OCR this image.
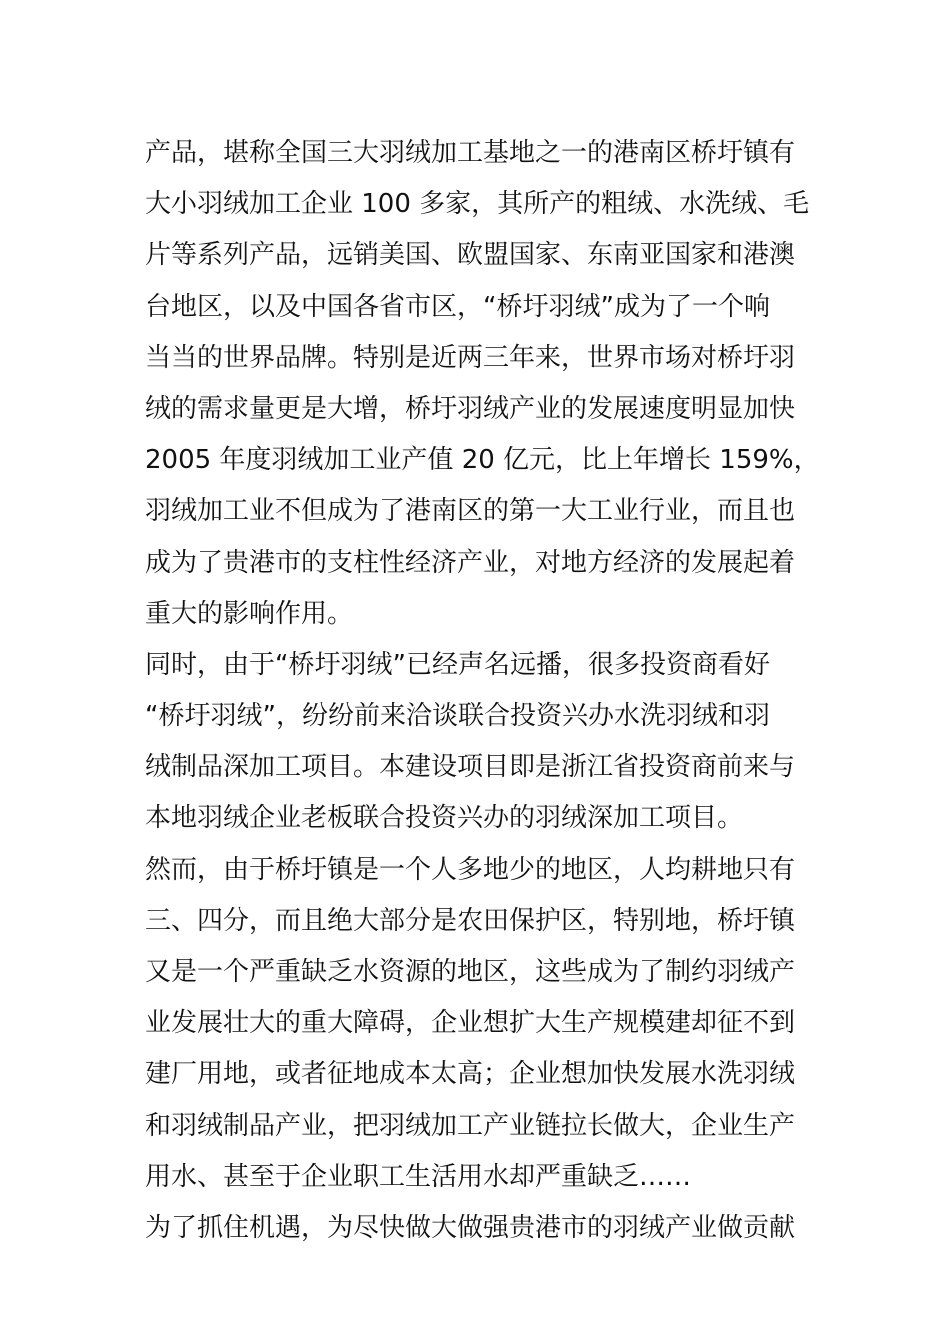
产品，堪称全国三大羽绒加工基地之一的港南区桥圩镇有
大小羽绒加工企业 100 多家，其所产的粗绒、水洗绒、毛
片等系列产品，远销美国、欧盟国家、东南亚国家和港澳
台地区，以及中国各省市区，“桥圩羽绒”成为了一个响
当当的世界品牌。特别是近两三年来，世界市场对桥圩羽
绒的需求量更是大增，桥圩羽绒产业的发展速度明显加快
2005 年度羽绒加工业产值 20 亿元，比上年增长 159%，
羽绒加工业不但成为了港南区的第一大工业行业，而且也
成为了贵港市的支柱性经济产业，对地方经济的发展起着
重大的影响作用。
同时，由于“桥圩羽绒”已经声名远播，很多投资商看好
“桥圩羽绒”，纷纷前来洽谈联合投资兴办水洗羽绒和羽
绒制品深加工项目。本建设项目即是浙江省投资商前来与
本地羽绒企业老板联合投资兴办的羽绒深加工项目。
然而，由于桥圩镇是一个人多地少的地区，人均耕地只有
三、四分，而且绝大部分是农田保护区，特别地，桥圩镇
又是一个严重缺乏水资源的地区，这些成为了制约羽绒产
业发展壮大的重大障碍，企业想扩大生产规模建却征不到
建厂用地，或者征地成本太高；企业想加快发展水洗羽绒
和羽绒制品产业，把羽绒加工产业链拉长做大，企业生产
用水、甚至于企业职工生活用水却严重缺乏……
为了抓住机遇，为尽快做大做强贵港市的羽绒产业做贡献
